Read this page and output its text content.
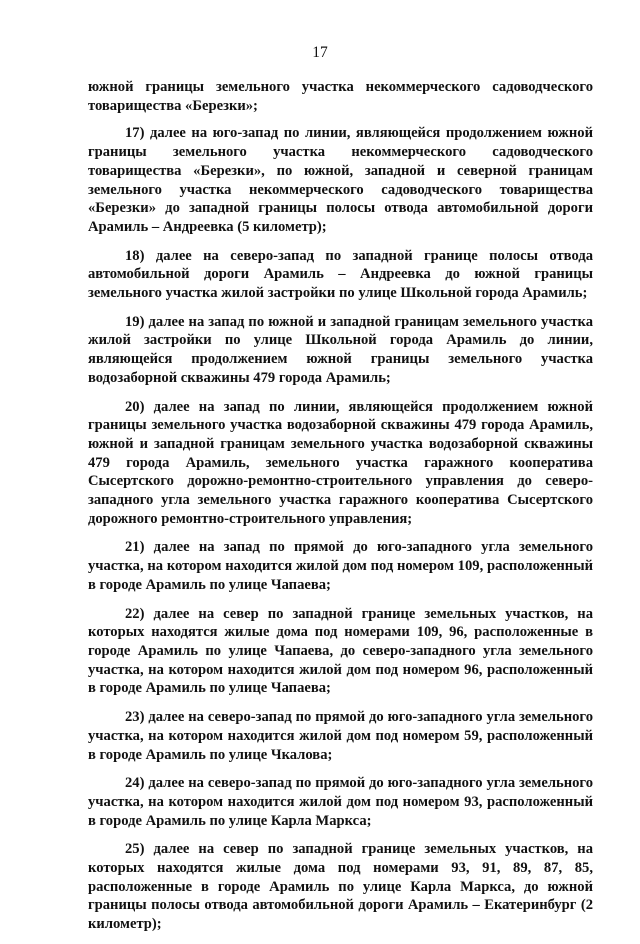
17

южной границы земельного участка некоммерческого садоводческого товарищества «Березки»;

17) далее на юго-запад по линии, являющейся продолжением южной границы земельного участка некоммерческого садоводческого товарищества «Березки», по южной, западной и северной границам земельного участка некоммерческого садоводческого товарищества «Березки» до западной границы полосы отвода автомобильной дороги Арамиль – Андреевка (5 километр);

18) далее на северо-запад по западной границе полосы отвода автомобильной дороги Арамиль – Андреевка до южной границы земельного участка жилой застройки по улице Школьной города Арамиль;

19) далее на запад по южной и западной границам земельного участка жилой застройки по улице Школьной города Арамиль до линии, являющейся продолжением южной границы земельного участка водозаборной скважины 479 города Арамиль;

20) далее на запад по линии, являющейся продолжением южной границы земельного участка водозаборной скважины 479 города Арамиль, южной и западной границам земельного участка водозаборной скважины 479 города Арамиль, земельного участка гаражного кооператива Сысертского дорожно-ремонтно-строительного управления до северо-западного угла земельного участка гаражного кооператива Сысертского дорожного ремонтно-строительного управления;

21) далее на запад по прямой до юго-западного угла земельного участка, на котором находится жилой дом под номером 109, расположенный в городе Арамиль по улице Чапаева;

22) далее на север по западной границе земельных участков, на которых находятся жилые дома под номерами 109, 96, расположенные в городе Арамиль по улице Чапаева, до северо-западного угла земельного участка, на котором находится жилой дом под номером 96, расположенный в городе Арамиль по улице Чапаева;

23) далее на северо-запад по прямой до юго-западного угла земельного участка, на котором находится жилой дом под номером 59, расположенный в городе Арамиль по улице Чкалова;

24) далее на северо-запад по прямой до юго-западного угла земельного участка, на котором находится жилой дом под номером 93, расположенный в городе Арамиль по улице Карла Маркса;

25) далее на север по западной границе земельных участков, на которых находятся жилые дома под номерами 93, 91, 89, 87, 85, расположенные в городе Арамиль по улице Карла Маркса, до южной границы полосы отвода автомобильной дороги Арамиль – Екатеринбург (2 километр);
